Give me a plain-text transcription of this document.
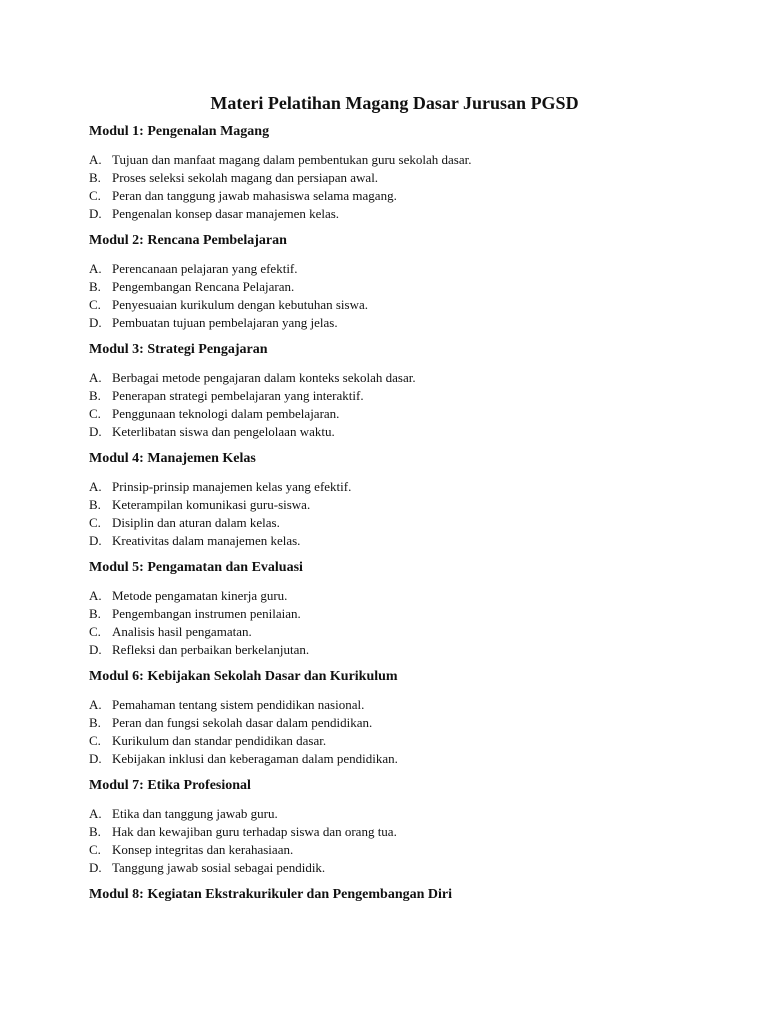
Materi Pelatihan Magang Dasar Jurusan PGSD
Modul 1: Pengenalan Magang
A. Tujuan dan manfaat magang dalam pembentukan guru sekolah dasar.
B. Proses seleksi sekolah magang dan persiapan awal.
C. Peran dan tanggung jawab mahasiswa selama magang.
D. Pengenalan konsep dasar manajemen kelas.
Modul 2: Rencana Pembelajaran
A. Perencanaan pelajaran yang efektif.
B. Pengembangan Rencana Pelajaran.
C. Penyesuaian kurikulum dengan kebutuhan siswa.
D. Pembuatan tujuan pembelajaran yang jelas.
Modul 3: Strategi Pengajaran
A. Berbagai metode pengajaran dalam konteks sekolah dasar.
B. Penerapan strategi pembelajaran yang interaktif.
C. Penggunaan teknologi dalam pembelajaran.
D. Keterlibatan siswa dan pengelolaan waktu.
Modul 4: Manajemen Kelas
A. Prinsip-prinsip manajemen kelas yang efektif.
B. Keterampilan komunikasi guru-siswa.
C. Disiplin dan aturan dalam kelas.
D. Kreativitas dalam manajemen kelas.
Modul 5: Pengamatan dan Evaluasi
A. Metode pengamatan kinerja guru.
B. Pengembangan instrumen penilaian.
C. Analisis hasil pengamatan.
D. Refleksi dan perbaikan berkelanjutan.
Modul 6: Kebijakan Sekolah Dasar dan Kurikulum
A. Pemahaman tentang sistem pendidikan nasional.
B. Peran dan fungsi sekolah dasar dalam pendidikan.
C. Kurikulum dan standar pendidikan dasar.
D. Kebijakan inklusi dan keberagaman dalam pendidikan.
Modul 7: Etika Profesional
A. Etika dan tanggung jawab guru.
B. Hak dan kewajiban guru terhadap siswa dan orang tua.
C. Konsep integritas dan kerahasiaan.
D. Tanggung jawab sosial sebagai pendidik.
Modul 8: Kegiatan Ekstrakurikuler dan Pengembangan Diri
